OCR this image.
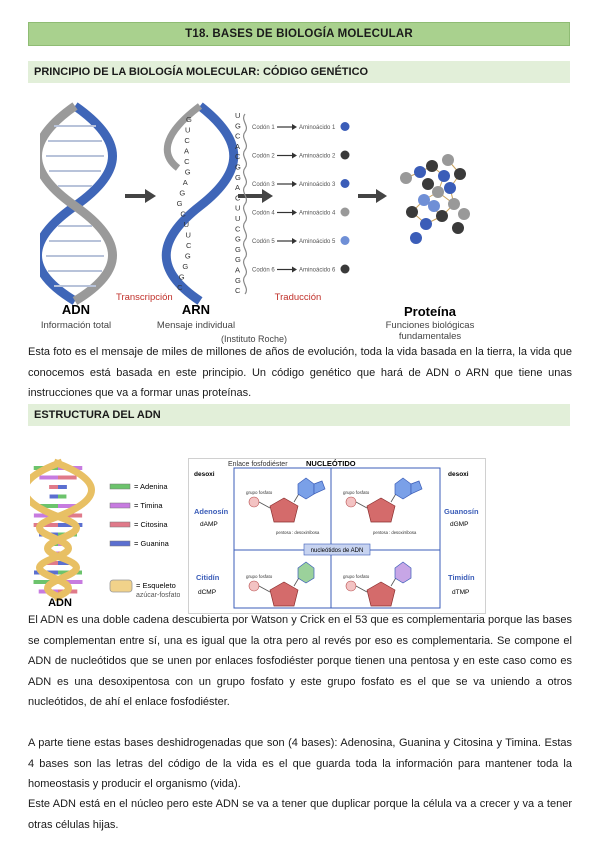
T18. BASES DE BIOLOGÍA MOLECULAR
PRINCIPIO DE LA BIOLOGÍA MOLECULAR: CÓDIGO GENÉTICO
G
U
C
A
C
G
A
G
G
C
U
U
C
G
G
G
C
U
G
C
A
C
G
G
A
C
U
U
C
G
G
G
A
G
C
Codón 1	Aminoácido 1
Codón 2	Aminoácido 2
Codón 3	Aminoácido 3
Codón 4	Aminoácido 4
Codón 5	Aminoácido 5
Codón 6	Aminoácido 6
ADN
Información total
Transcripción
ARN
Mensaje individual
Traducción
Proteína
Funciones biológicas
fundamentales
(Instituto Roche)

Esta foto es el mensaje de miles de millones de años de evolución, toda la vida basada en la tierra, la vida que conocemos está basada en este principio. Un código genético que hará de ADN o ARN que tiene unas instrucciones que va a formar unas proteínas.

ESTRUCTURA DEL ADN
= Adenina
= Timina
= Citosina
= Guanina
= Esqueleto
azúcar-fosfato
ADN
Enlace fosfodiéster NUCLEÓTIDO
desoxi	desoxi
Adenosín
dAMP
Guanosín
dGMP
Citidín
dCMP
Timidín
dTMP
nucleótidos de ADN
grupo fosfato
pentosa : desoxirribosa
grupo fosfato
pentosa : desoxirribosa
grupo fosfato	grupo fosfato

El ADN es una doble cadena descubierta por Watson y Crick en el 53 que es complementaria porque las bases se complementan entre sí, una es igual que la otra pero al revés por eso es complementaria. Se compone el ADN de nucleótidos que se unen por enlaces fosfodiéster porque tienen una pentosa y en este caso como es ADN es una desoxipentosa con un grupo fosfato y este grupo fosfato es el que se va uniendo a otros nucleótidos, de ahí el enlace fosfodiéster.

A parte tiene estas bases deshidrogenadas que son (4 bases): Adenosina, Guanina y Citosina y Timina. Estas 4 bases son las letras del código de la vida es el que guarda toda la información para mantener toda la homeostasis y producir el organismo (vida).

Este ADN está en el núcleo pero este ADN se va a tener que duplicar porque la célula va a crecer y va a tener otras células hijas.
